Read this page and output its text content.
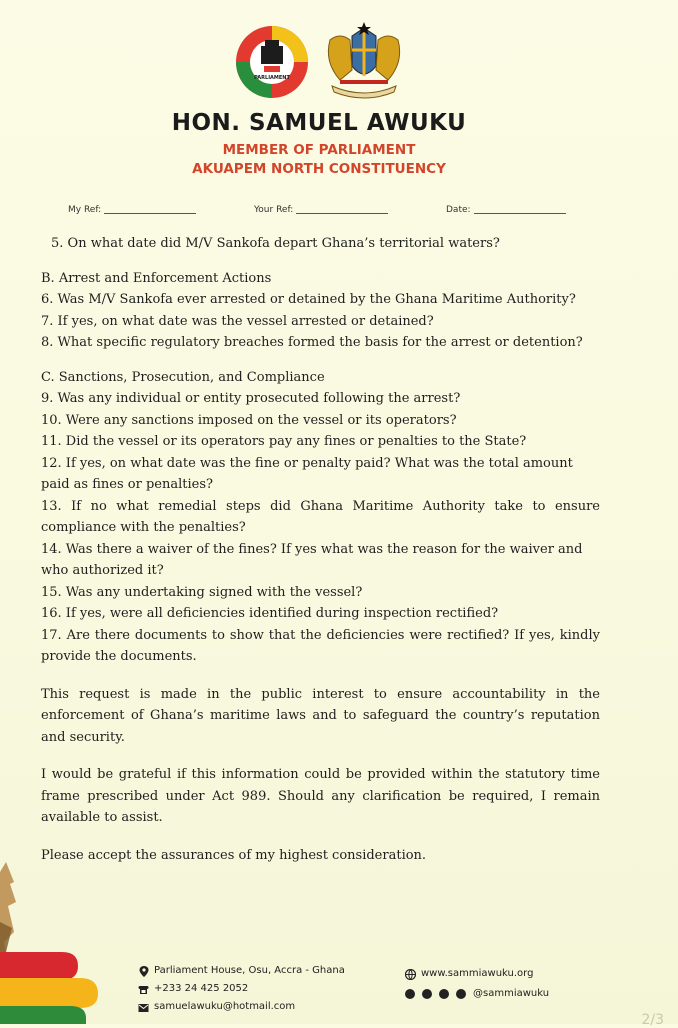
PARLIAMENT
HON. SAMUEL AWUKU
MEMBER OF PARLIAMENT
AKUAPEM NORTH CONSTITUENCY
My Ref:	Your Ref:	Date:

5. On what date did M/V Sankofa depart Ghana’s territorial waters?

B. Arrest and Enforcement Actions

6. Was M/V Sankofa ever arrested or detained by the Ghana Maritime Authority?

7. If yes, on what date was the vessel arrested or detained?

8. What specific regulatory breaches formed the basis for the arrest or detention?

C. Sanctions, Prosecution, and Compliance

9. Was any individual or entity prosecuted following the arrest?

10. Were any sanctions imposed on the vessel or its operators?

11. Did the vessel or its operators pay any fines or penalties to the State?

12. If yes, on what date was the fine or penalty paid? What was the total amount paid as fines or penalties?

13. If no what remedial steps did Ghana Maritime Authority take to ensure compliance with the penalties?

14. Was there a waiver of the fines? If yes what was the reason for the waiver and who authorized it?

15. Was any undertaking signed with the vessel?

16. If yes, were all deficiencies identified during inspection rectified?

17. Are there documents to show that the deficiencies were rectified? If yes, kindly provide the documents.

This request is made in the public interest to ensure accountability in the enforcement of Ghana’s maritime laws and to safeguard the country’s reputation and security.

I would be grateful if this information could be provided within the statutory time frame prescribed under Act 989. Should any clarification be required, I remain available to assist.

Please accept the assurances of my highest consideration.

Parliament House, Osu, Accra - Ghana
+233 24 425 2052
samuelawuku@hotmail.com
www.sammiawuku.org
@sammiawuku
2/3
